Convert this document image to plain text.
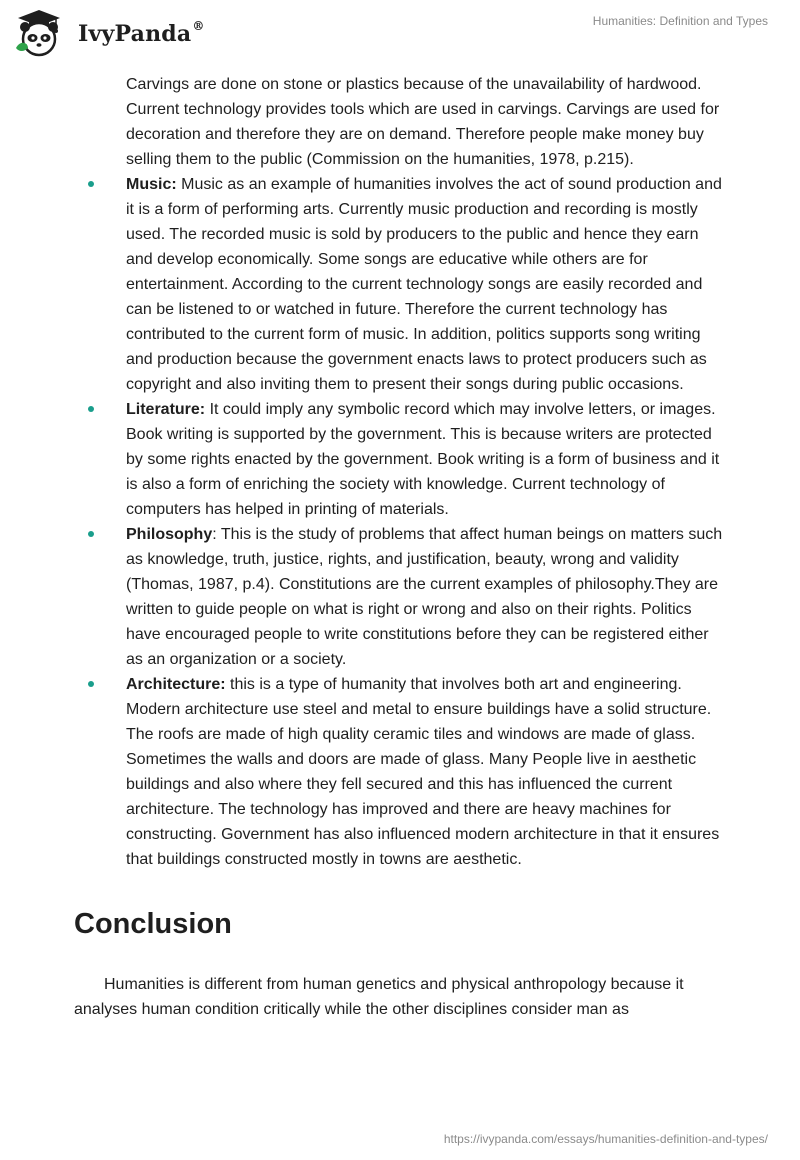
IvyPanda®	Humanities: Definition and Types

Carvings are done on stone or plastics because of the unavailability of hardwood. Current technology provides tools which are used in carvings. Carvings are used for decoration and therefore they are on demand. Therefore people make money buy selling them to the public (Commission on the humanities, 1978, p.215).

Music: Music as an example of humanities involves the act of sound production and it is a form of performing arts. Currently music production and recording is mostly used. The recorded music is sold by producers to the public and hence they earn and develop economically. Some songs are educative while others are for entertainment. According to the current technology songs are easily recorded and can be listened to or watched in future. Therefore the current technology has contributed to the current form of music. In addition, politics supports song writing and production because the government enacts laws to protect producers such as copyright and also inviting them to present their songs during public occasions.
Literature: It could imply any symbolic record which may involve letters, or images. Book writing is supported by the government. This is because writers are protected by some rights enacted by the government. Book writing is a form of business and it is also a form of enriching the society with knowledge. Current technology of computers has helped in printing of materials.
Philosophy: This is the study of problems that affect human beings on matters such as knowledge, truth, justice, rights, and justification, beauty, wrong and validity (Thomas, 1987, p.4). Constitutions are the current examples of philosophy.They are written to guide people on what is right or wrong and also on their rights. Politics have encouraged people to write constitutions before they can be registered either as an organization or a society.
Architecture: this is a type of humanity that involves both art and engineering. Modern architecture use steel and metal to ensure buildings have a solid structure. The roofs are made of high quality ceramic tiles and windows are made of glass. Sometimes the walls and doors are made of glass. Many People live in aesthetic buildings and also where they fell secured and this has influenced the current architecture. The technology has improved and there are heavy machines for constructing. Government has also influenced modern architecture in that it ensures that buildings constructed mostly in towns are aesthetic.
Conclusion

Humanities is different from human genetics and physical anthropology because it analyses human condition critically while the other disciplines consider man as

https://ivypanda.com/essays/humanities-definition-and-types/
